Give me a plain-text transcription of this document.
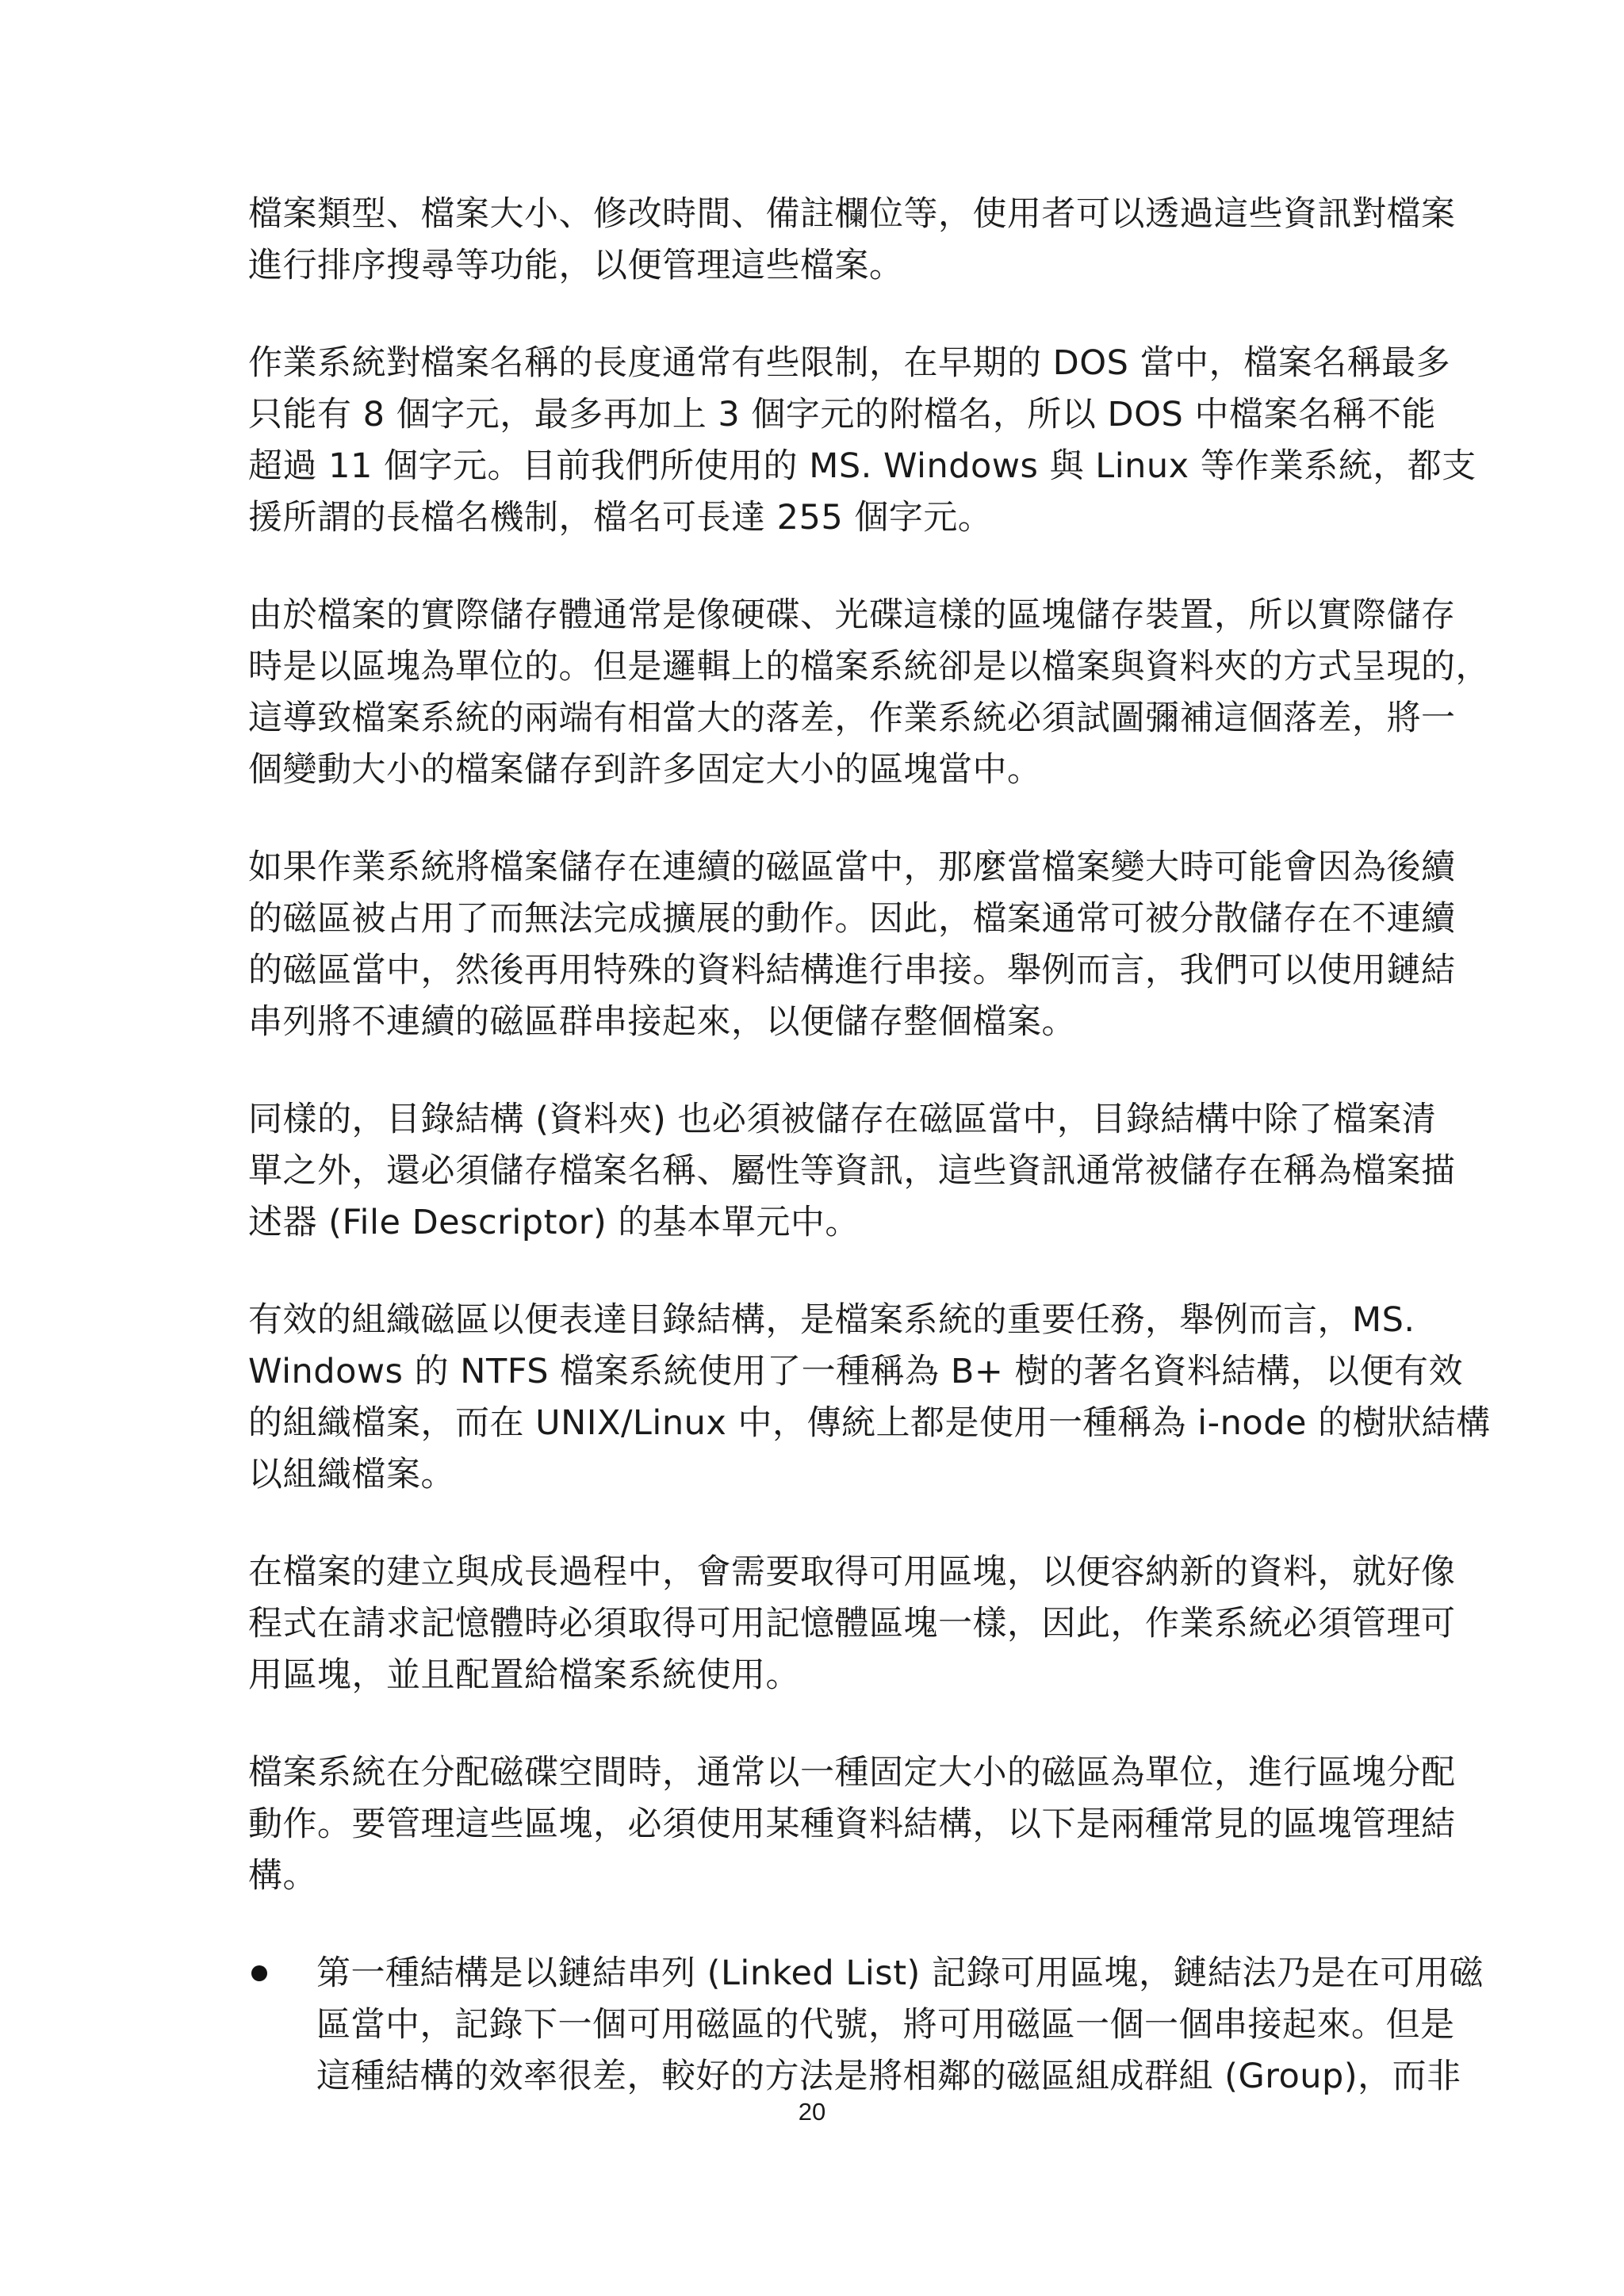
檔案類型、檔案大小、修改時間、備註欄位等，使用者可以透過這些資訊對檔案
進行排序搜尋等功能，以便管理這些檔案。
作業系統對檔案名稱的長度通常有些限制，在早期的 DOS 當中，檔案名稱最多
只能有 8 個字元，最多再加上 3 個字元的附檔名，所以 DOS 中檔案名稱不能
超過 11 個字元。目前我們所使用的 MS. Windows 與 Linux 等作業系統，都支
援所謂的長檔名機制，檔名可長達 255 個字元。
由於檔案的實際儲存體通常是像硬碟、光碟這樣的區塊儲存裝置，所以實際儲存
時是以區塊為單位的。但是邏輯上的檔案系統卻是以檔案與資料夾的方式呈現的，
這導致檔案系統的兩端有相當大的落差，作業系統必須試圖彌補這個落差，將一
個變動大小的檔案儲存到許多固定大小的區塊當中。
如果作業系統將檔案儲存在連續的磁區當中，那麼當檔案變大時可能會因為後續
的磁區被占用了而無法完成擴展的動作。因此，檔案通常可被分散儲存在不連續
的磁區當中，然後再用特殊的資料結構進行串接。舉例而言，我們可以使用鏈結
串列將不連續的磁區群串接起來，以便儲存整個檔案。
同樣的，目錄結構 (資料夾) 也必須被儲存在磁區當中，目錄結構中除了檔案清
單之外，還必須儲存檔案名稱、屬性等資訊，這些資訊通常被儲存在稱為檔案描
述器 (File Descriptor) 的基本單元中。
有效的組織磁區以便表達目錄結構，是檔案系統的重要任務，舉例而言，MS.
Windows 的 NTFS 檔案系統使用了一種稱為 B+ 樹的著名資料結構，以便有效
的組織檔案，而在 UNIX/Linux 中，傳統上都是使用一種稱為 i-node 的樹狀結構
以組織檔案。
在檔案的建立與成長過程中，會需要取得可用區塊，以便容納新的資料，就好像
程式在請求記憶體時必須取得可用記憶體區塊一樣，因此，作業系統必須管理可
用區塊，並且配置給檔案系統使用。
檔案系統在分配磁碟空間時，通常以一種固定大小的磁區為單位，進行區塊分配
動作。要管理這些區塊，必須使用某種資料結構，以下是兩種常見的區塊管理結
構。
第一種結構是以鏈結串列 (Linked List) 記錄可用區塊，鏈結法乃是在可用磁
區當中，記錄下一個可用磁區的代號，將可用磁區一個一個串接起來。但是
這種結構的效率很差，較好的方法是將相鄰的磁區組成群組 (Group)，而非
20
